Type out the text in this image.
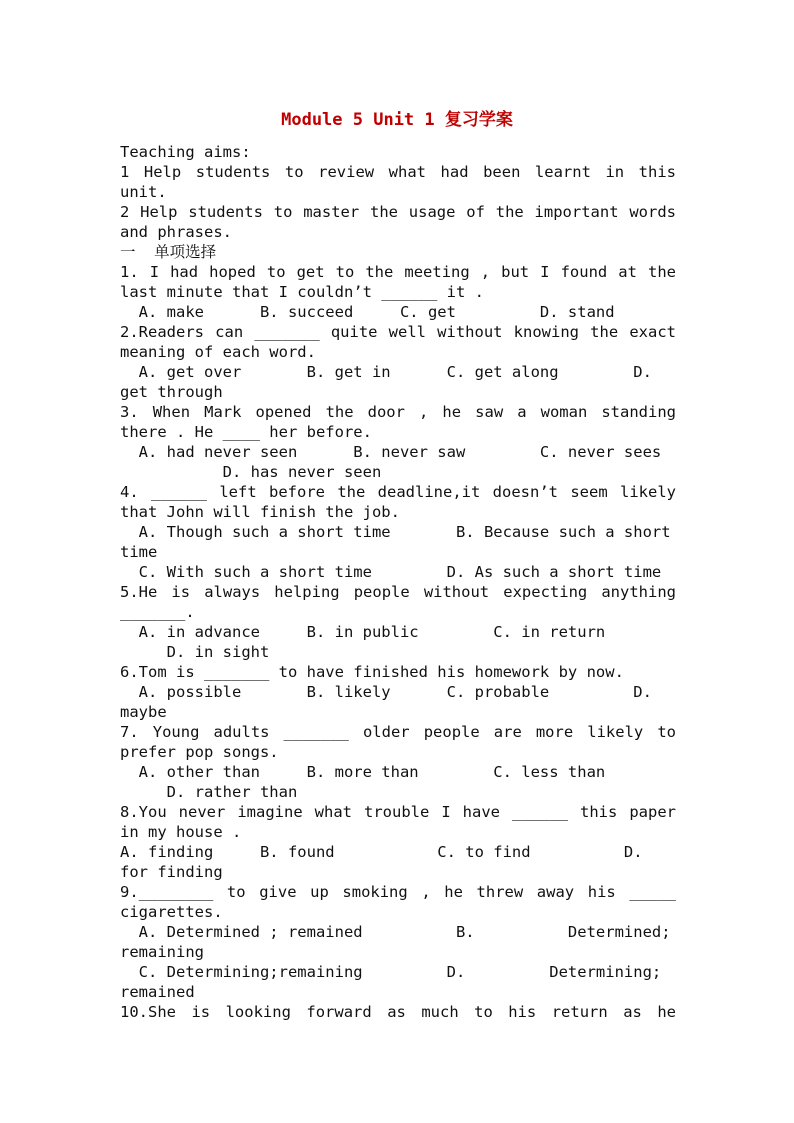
Module 5 Unit 1 复习学案
Teaching aims:
1 Help students to review what had been learnt in this
unit.
2 Help students to master the usage of the important words
and phrases.
一  单项选择
1. I had hoped to get to the meeting , but I found at the
last minute that I couldn’t ______ it .
A. make      B. succeed     C. get         D. stand
2.Readers can _______ quite well without knowing the exact
meaning of each word.
A. get over       B. get in      C. get along        D.
get through
3. When Mark opened the door , he saw a woman standing
there . He ____ her before.
A. had never seen      B. never saw        C. never sees
D. has never seen
4. ______ left before the deadline,it doesn’t seem likely
that John will finish the job.
A. Though such a short time       B. Because such a short
time
C. With such a short time        D. As such a short time
5.He is always helping people without expecting anything
_______.
A. in advance     B. in public        C. in return
D. in sight
6.Tom is _______ to have finished his homework by now.
A. possible       B. likely      C. probable         D.
maybe
7. Young adults _______ older people are more likely to
prefer pop songs.
A. other than     B. more than        C. less than
D. rather than
8.You never imagine what trouble I have ______ this paper
in my house .
A. finding     B. found           C. to find          D.
for finding
9.________ to give up smoking , he threw away his _____
cigarettes.
A. Determined ; remained          B.          Determined;
remaining
C. Determining;remaining         D.         Determining;
remained
10.She is looking forward as much to his return as he
